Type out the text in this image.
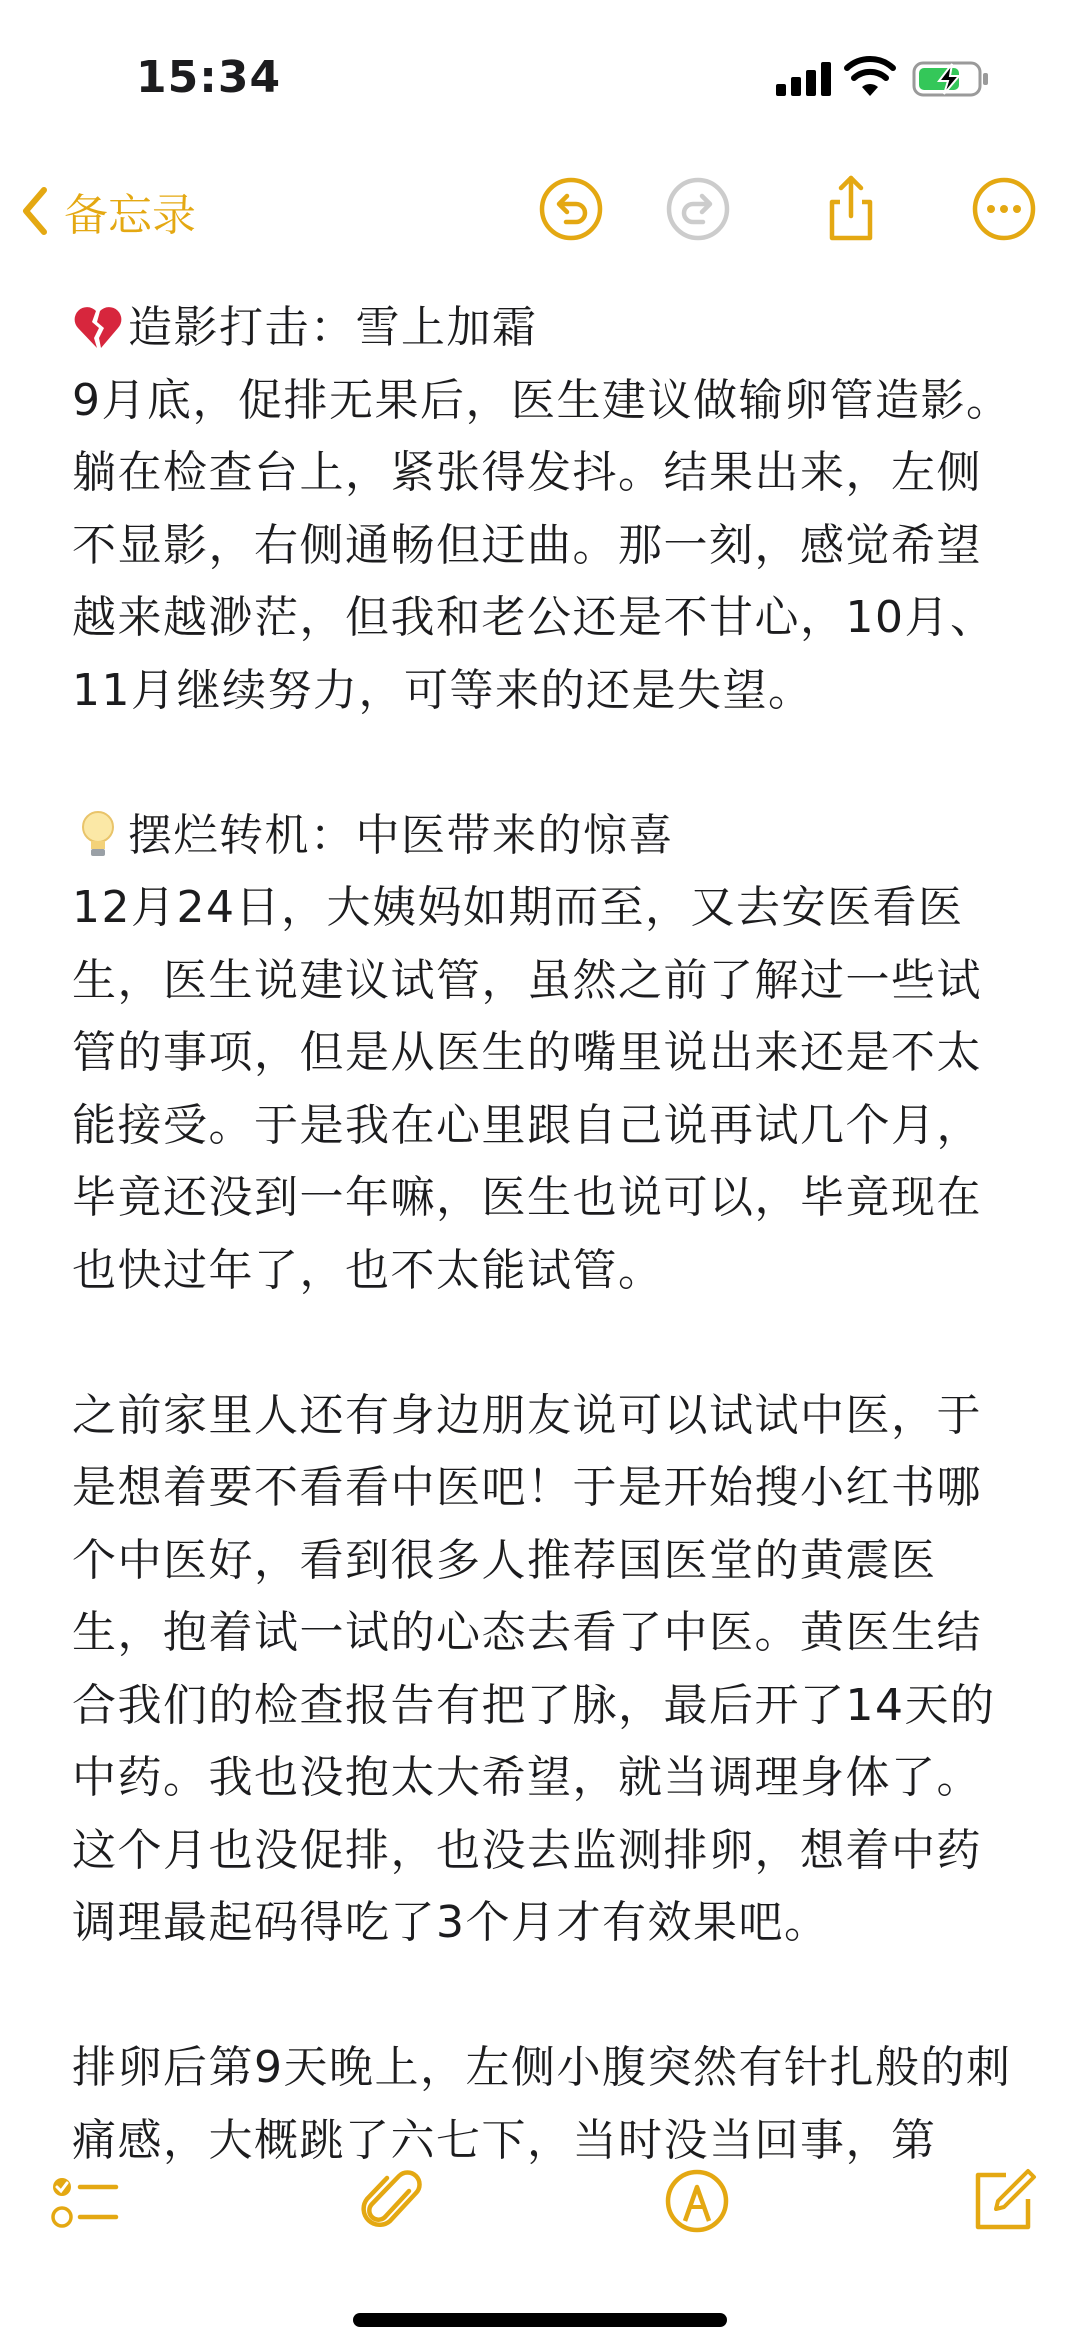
15:34
备忘录

造影打击：雪上加霜

9月底，促排无果后，医生建议做输卵管造影。躺在检查台上，紧张得发抖。结果出来，左侧不显影，右侧通畅但迂曲。那一刻，感觉希望越来越渺茫，但我和老公还是不甘心，10月、11月继续努力，可等来的还是失望。

摆烂转机：中医带来的惊喜

12月24日，大姨妈如期而至，又去安医看医生，医生说建议试管，虽然之前了解过一些试管的事项，但是从医生的嘴里说出来还是不太能接受。于是我在心里跟自己说再试几个月，毕竟还没到一年嘛，医生也说可以，毕竟现在也快过年了，也不太能试管。

之前家里人还有身边朋友说可以试试中医，于是想着要不看看中医吧！于是开始搜小红书哪个中医好，看到很多人推荐国医堂的黄震医生，抱着试一试的心态去看了中医。黄医生结合我们的检查报告有把了脉，最后开了14天的中药。我也没抱太大希望，就当调理身体了。这个月也没促排，也没去监测排卵，想着中药调理最起码得吃了3个月才有效果吧。

排卵后第9天晚上，左侧小腹突然有针扎般的刺痛感，大概跳了六七下，当时没当回事，第
